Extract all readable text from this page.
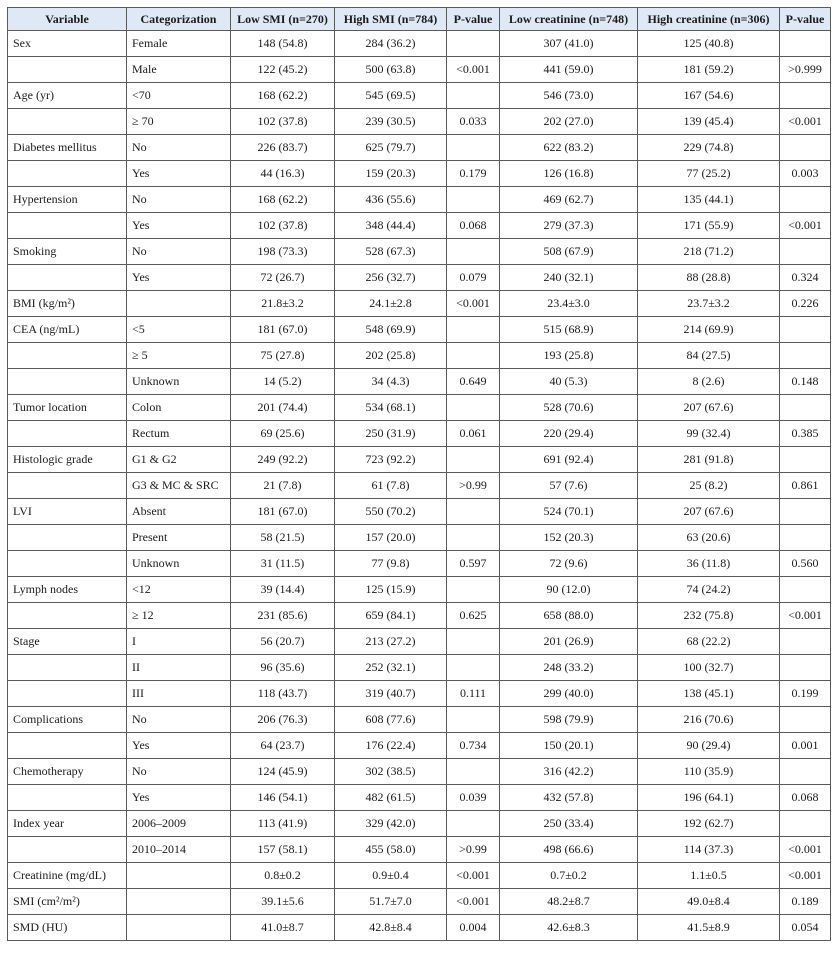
Variable	Categorization	Low SMI (n=270)	High SMI (n=784)	P-value	Low creatinine (n=748)	High creatinine (n=306)	P-value
Sex	Female	148 (54.8)	284 (36.2)		307 (41.0)	125 (40.8)	
	Male	122 (45.2)	500 (63.8)	<0.001	441 (59.0)	181 (59.2)	>0.999
Age (yr)	<70	168 (62.2)	545 (69.5)		546 (73.0)	167 (54.6)	
	≥ 70	102 (37.8)	239 (30.5)	0.033	202 (27.0)	139 (45.4)	<0.001
Diabetes mellitus	No	226 (83.7)	625 (79.7)		622 (83.2)	229 (74.8)	
	Yes	44 (16.3)	159 (20.3)	0.179	126 (16.8)	77 (25.2)	0.003
Hypertension	No	168 (62.2)	436 (55.6)		469 (62.7)	135 (44.1)	
	Yes	102 (37.8)	348 (44.4)	0.068	279 (37.3)	171 (55.9)	<0.001
Smoking	No	198 (73.3)	528 (67.3)		508 (67.9)	218 (71.2)	
	Yes	72 (26.7)	256 (32.7)	0.079	240 (32.1)	88 (28.8)	0.324
BMI (kg/m²)		21.8±3.2	24.1±2.8	<0.001	23.4±3.0	23.7±3.2	0.226
CEA (ng/mL)	<5	181 (67.0)	548 (69.9)		515 (68.9)	214 (69.9)	
	≥ 5	75 (27.8)	202 (25.8)		193 (25.8)	84 (27.5)	
	Unknown	14 (5.2)	34 (4.3)	0.649	40 (5.3)	8 (2.6)	0.148
Tumor location	Colon	201 (74.4)	534 (68.1)		528 (70.6)	207 (67.6)	
	Rectum	69 (25.6)	250 (31.9)	0.061	220 (29.4)	99 (32.4)	0.385
Histologic grade	G1 & G2	249 (92.2)	723 (92.2)		691 (92.4)	281 (91.8)	
	G3 & MC & SRC	21 (7.8)	61 (7.8)	>0.99	57 (7.6)	25 (8.2)	0.861
LVI	Absent	181 (67.0)	550 (70.2)		524 (70.1)	207 (67.6)	
	Present	58 (21.5)	157 (20.0)		152 (20.3)	63 (20.6)	
	Unknown	31 (11.5)	77 (9.8)	0.597	72 (9.6)	36 (11.8)	0.560
Lymph nodes	<12	39 (14.4)	125 (15.9)		90 (12.0)	74 (24.2)	
	≥ 12	231 (85.6)	659 (84.1)	0.625	658 (88.0)	232 (75.8)	<0.001
Stage	I	56 (20.7)	213 (27.2)		201 (26.9)	68 (22.2)	
	II	96 (35.6)	252 (32.1)		248 (33.2)	100 (32.7)	
	III	118 (43.7)	319 (40.7)	0.111	299 (40.0)	138 (45.1)	0.199
Complications	No	206 (76.3)	608 (77.6)		598 (79.9)	216 (70.6)	
	Yes	64 (23.7)	176 (22.4)	0.734	150 (20.1)	90 (29.4)	0.001
Chemotherapy	No	124 (45.9)	302 (38.5)		316 (42.2)	110 (35.9)	
	Yes	146 (54.1)	482 (61.5)	0.039	432 (57.8)	196 (64.1)	0.068
Index year	2006–2009	113 (41.9)	329 (42.0)		250 (33.4)	192 (62.7)	
	2010–2014	157 (58.1)	455 (58.0)	>0.99	498 (66.6)	114 (37.3)	<0.001
Creatinine (mg/dL)		0.8±0.2	0.9±0.4	<0.001	0.7±0.2	1.1±0.5	<0.001
SMI (cm²/m²)		39.1±5.6	51.7±7.0	<0.001	48.2±8.7	49.0±8.4	0.189
SMD (HU)		41.0±8.7	42.8±8.4	0.004	42.6±8.3	41.5±8.9	0.054
